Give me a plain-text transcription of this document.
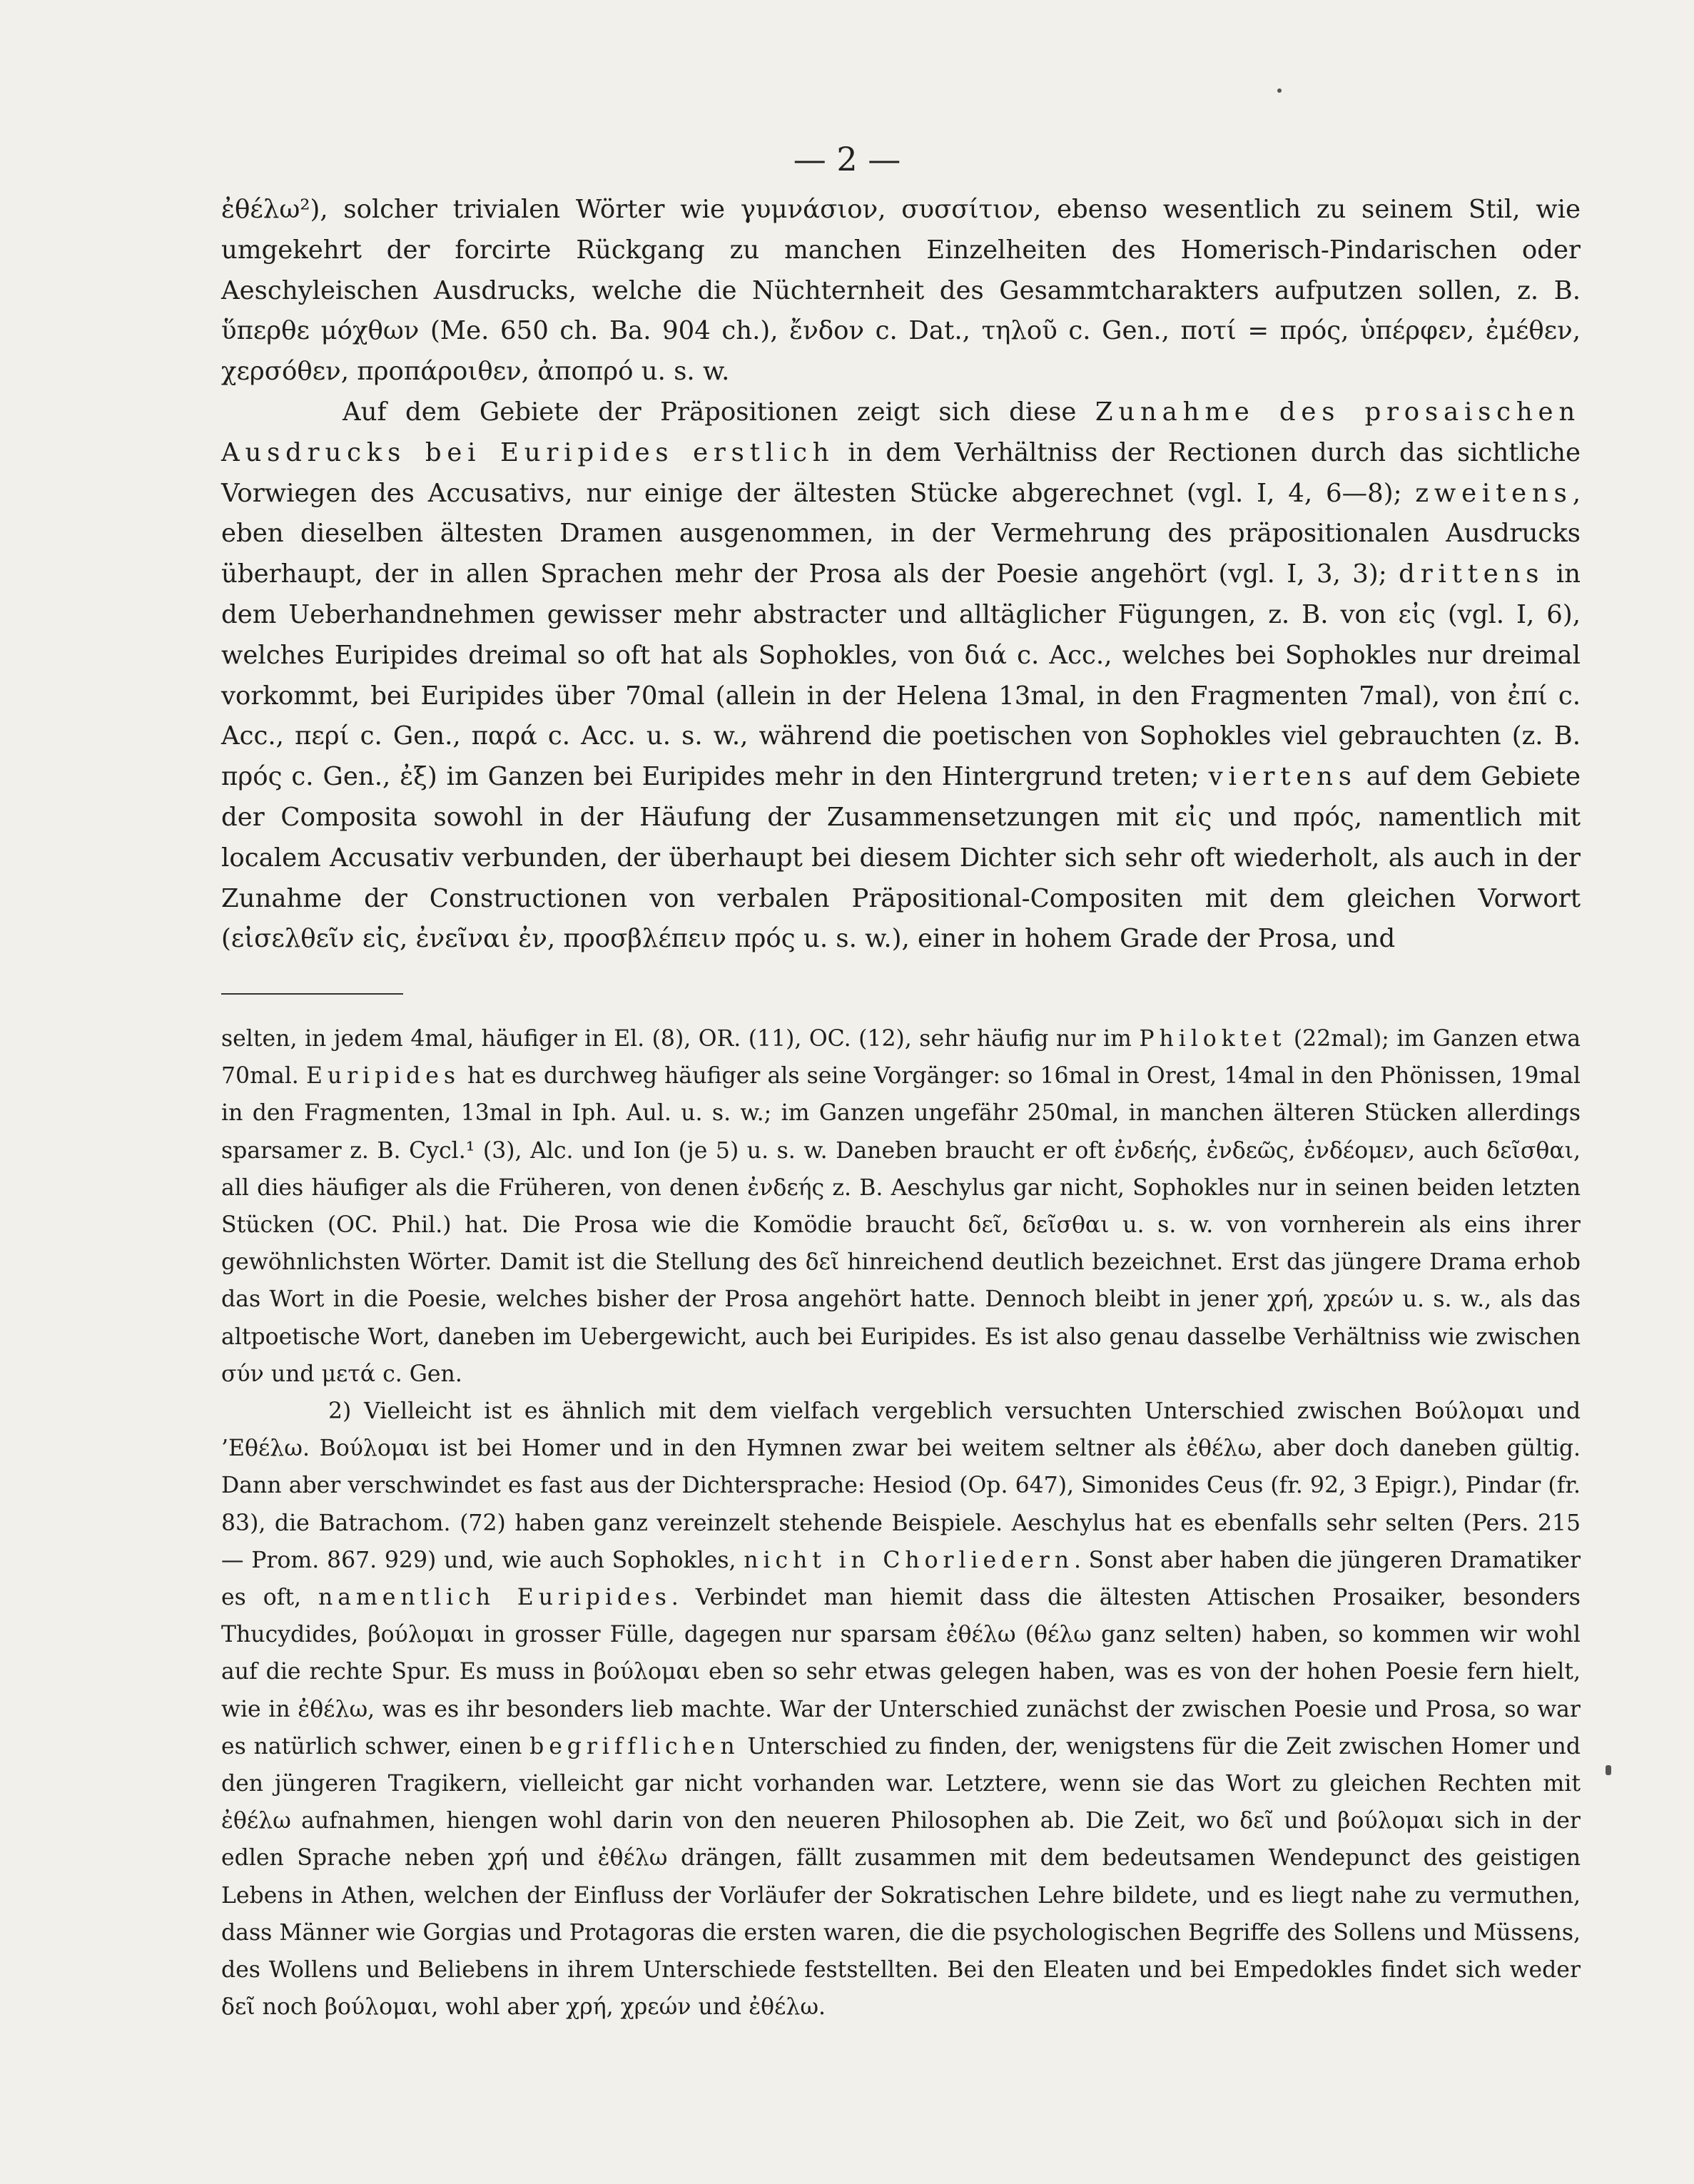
— 2 —

ἐθέλω²), solcher trivialen Wörter wie γυμνάσιον, συσσίτιον, ebenso wesentlich zu seinem Stil, wie umgekehrt der forcirte Rückgang zu manchen Einzelheiten des Homerisch-Pindarischen oder Aeschyleischen Ausdrucks, welche die Nüchternheit des Gesammtcharakters aufputzen sollen, z. B. ὕπερθε μόχθων (Me. 650 ch. Ba. 904 ch.), ἔνδον c. Dat., τηλοῦ c. Gen., ποτί = πρός, ὑπέρφεν, ἐμέθεν, χερσόθεν, προπάροιθεν, ἀποπρό u. s. w.

Auf dem Gebiete der Präpositionen zeigt sich diese Zunahme des prosaischen Ausdrucks bei Euripides erstlich in dem Verhältniss der Rectionen durch das sichtliche Vorwiegen des Accusativs, nur einige der ältesten Stücke abgerechnet (vgl. I, 4, 6—8); zweitens, eben dieselben ältesten Dramen ausgenommen, in der Vermehrung des präpositionalen Ausdrucks überhaupt, der in allen Sprachen mehr der Prosa als der Poesie angehört (vgl. I, 3, 3); drittens in dem Ueberhandnehmen gewisser mehr abstracter und alltäglicher Fügungen, z. B. von εἰς (vgl. I, 6), welches Euripides dreimal so oft hat als Sophokles, von διά c. Acc., welches bei Sophokles nur dreimal vorkommt, bei Euripides über 70mal (allein in der Helena 13mal, in den Fragmenten 7mal), von ἐπί c. Acc., περί c. Gen., παρά c. Acc. u. s. w., während die poetischen von Sophokles viel gebrauchten (z. B. πρός c. Gen., ἐξ) im Ganzen bei Euripides mehr in den Hintergrund treten; viertens auf dem Gebiete der Composita sowohl in der Häufung der Zusammensetzungen mit εἰς und πρός, namentlich mit localem Accusativ verbunden, der überhaupt bei diesem Dichter sich sehr oft wiederholt, als auch in der Zunahme der Constructionen von verbalen Präpositional-Compositen mit dem gleichen Vorwort (εἰσελθεῖν εἰς, ἐνεῖναι ἐν, προσβλέπειν πρός u. s. w.), einer in hohem Grade der Prosa, und

selten, in jedem 4mal, häufiger in El. (8), OR. (11), OC. (12), sehr häufig nur im Philoktet (22mal); im Ganzen etwa 70mal. Euripides hat es durchweg häufiger als seine Vorgänger: so 16mal in Orest, 14mal in den Phönissen, 19mal in den Fragmenten, 13mal in Iph. Aul. u. s. w.; im Ganzen ungefähr 250mal, in manchen älteren Stücken allerdings sparsamer z. B. Cycl.¹ (3), Alc. und Ion (je 5) u. s. w. Daneben braucht er oft ἐνδεής, ἐνδεῶς, ἐνδέομεν, auch δεῖσθαι, all dies häufiger als die Früheren, von denen ἐνδεής z. B. Aeschylus gar nicht, Sophokles nur in seinen beiden letzten Stücken (OC. Phil.) hat. Die Prosa wie die Komödie braucht δεῖ, δεῖσθαι u. s. w. von vornherein als eins ihrer gewöhnlichsten Wörter. Damit ist die Stellung des δεῖ hinreichend deutlich bezeichnet. Erst das jüngere Drama erhob das Wort in die Poesie, welches bisher der Prosa angehört hatte. Dennoch bleibt in jener χρή, χρεών u. s. w., als das altpoetische Wort, daneben im Uebergewicht, auch bei Euripides. Es ist also genau dasselbe Verhältniss wie zwischen σύν und μετά c. Gen.

2) Vielleicht ist es ähnlich mit dem vielfach vergeblich versuchten Unterschied zwischen Βούλομαι und ’Εθέλω. Βούλομαι ist bei Homer und in den Hymnen zwar bei weitem seltner als ἐθέλω, aber doch daneben gültig. Dann aber verschwindet es fast aus der Dichtersprache: Hesiod (Op. 647), Simonides Ceus (fr. 92, 3 Epigr.), Pindar (fr. 83), die Batrachom. (72) haben ganz vereinzelt stehende Beispiele. Aeschylus hat es ebenfalls sehr selten (Pers. 215 — Prom. 867. 929) und, wie auch Sophokles, nicht in Chorliedern. Sonst aber haben die jüngeren Dramatiker es oft, namentlich Euripides. Verbindet man hiemit dass die ältesten Attischen Prosaiker, besonders Thucydides, βούλομαι in grosser Fülle, dagegen nur sparsam ἐθέλω (θέλω ganz selten) haben, so kommen wir wohl auf die rechte Spur. Es muss in βούλομαι eben so sehr etwas gelegen haben, was es von der hohen Poesie fern hielt, wie in ἐθέλω, was es ihr besonders lieb machte. War der Unterschied zunächst der zwischen Poesie und Prosa, so war es natürlich schwer, einen begrifflichen Unterschied zu finden, der, wenigstens für die Zeit zwischen Homer und den jüngeren Tragikern, vielleicht gar nicht vorhanden war. Letztere, wenn sie das Wort zu gleichen Rechten mit ἐθέλω aufnahmen, hiengen wohl darin von den neueren Philosophen ab. Die Zeit, wo δεῖ und βούλομαι sich in der edlen Sprache neben χρή und ἐθέλω drängen, fällt zusammen mit dem bedeutsamen Wendepunct des geistigen Lebens in Athen, welchen der Einfluss der Vorläufer der Sokratischen Lehre bildete, und es liegt nahe zu vermuthen, dass Männer wie Gorgias und Protagoras die ersten waren, die die psychologischen Begriffe des Sollens und Müssens, des Wollens und Beliebens in ihrem Unterschiede feststellten. Bei den Eleaten und bei Empedokles findet sich weder δεῖ noch βούλομαι, wohl aber χρή, χρεών und ἐθέλω.
